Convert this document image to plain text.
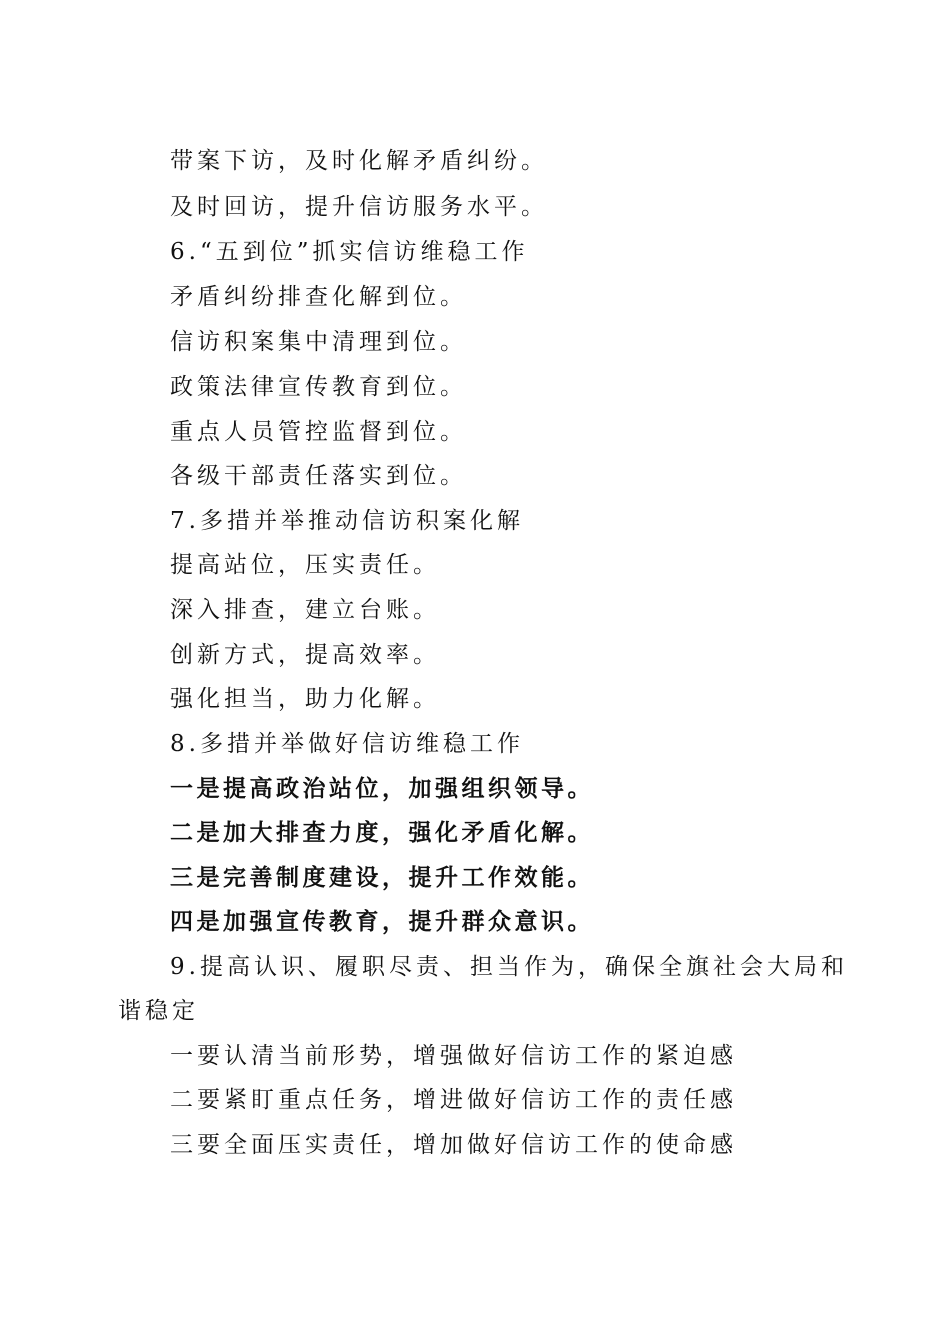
带案下访，及时化解矛盾纠纷。
及时回访，提升信访服务水平。
6.“五到位”抓实信访维稳工作
矛盾纠纷排查化解到位。
信访积案集中清理到位。
政策法律宣传教育到位。
重点人员管控监督到位。
各级干部责任落实到位。
7.多措并举推动信访积案化解
提高站位，压实责任。
深入排查，建立台账。
创新方式，提高效率。
强化担当，助力化解。
8.多措并举做好信访维稳工作
一是提高政治站位，加强组织领导。
二是加大排查力度，强化矛盾化解。
三是完善制度建设，提升工作效能。
四是加强宣传教育，提升群众意识。
9.提高认识、履职尽责、担当作为，确保全旗社会大局和
谐稳定
一要认清当前形势，增强做好信访工作的紧迫感
二要紧盯重点任务，增进做好信访工作的责任感
三要全面压实责任，增加做好信访工作的使命感
